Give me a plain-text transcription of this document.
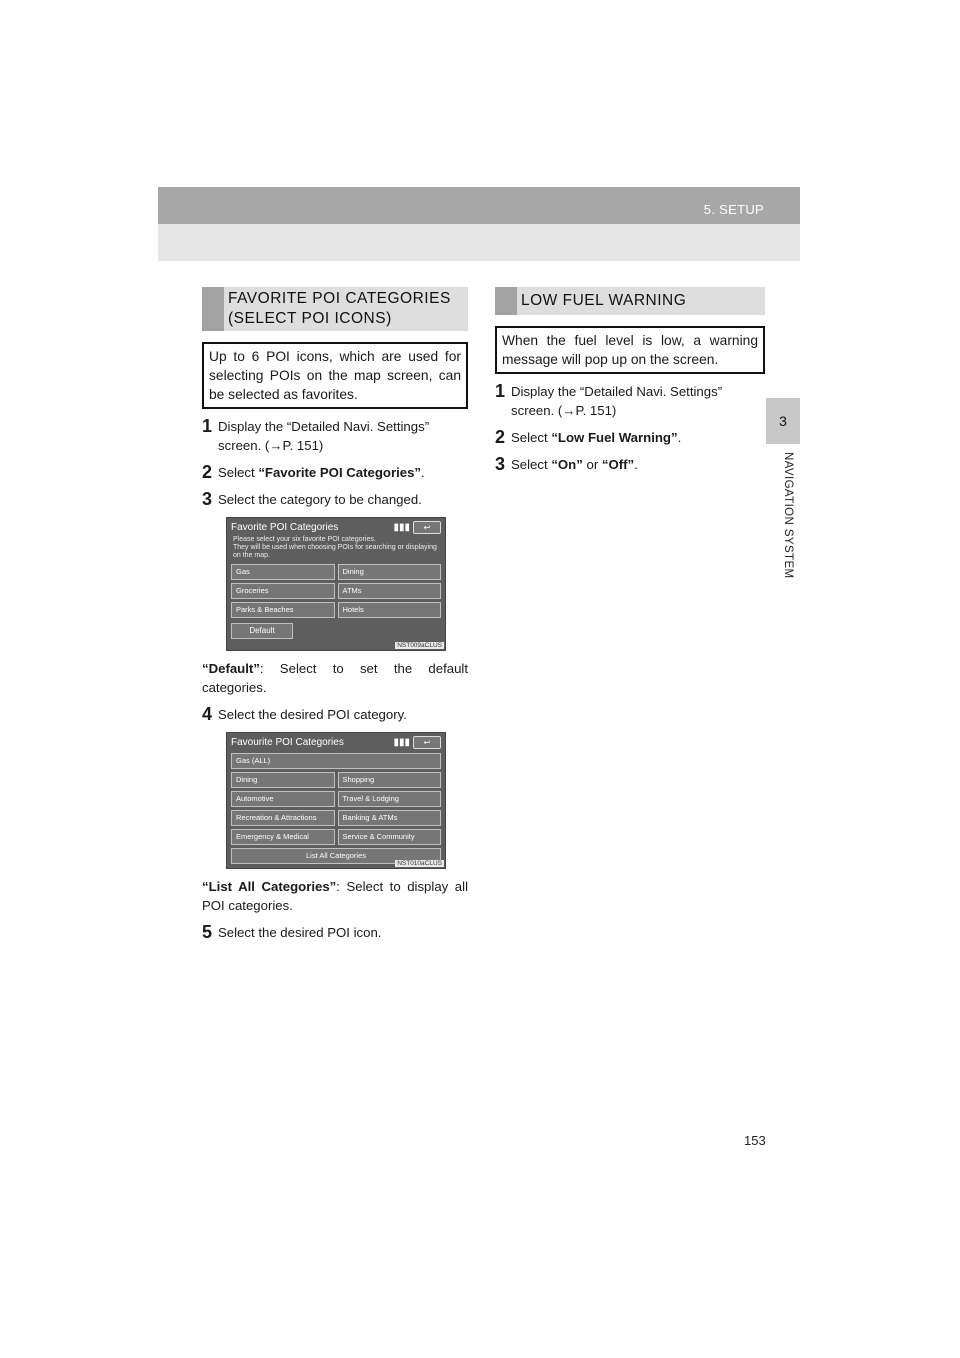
5. SETUP
3
NAVIGATION SYSTEM
FAVORITE POI CATEGORIES
(SELECT POI ICONS)
Up to 6 POI icons, which are used for selecting POIs on the map screen, can be selected as favorites.
1 Display the “Detailed Navi. Settings” screen. (→P. 151)
2 Select “Favorite POI Categories”.
3 Select the category to be changed.
Favorite POI Categories	▮▮▮	↩
Please select your six favorite POI categories.
They will be used when choosing POIs for searching or displaying on the map.
Gas	Dining
Groceries	ATMs
Parks & Beaches	Hotels
Default
NST009aCLUS
“Default”: Select to set the default categories.
4 Select the desired POI category.
Favourite POI Categories	▮▮▮	↩
Gas (ALL)
Dining	Shopping
Automotive	Travel & Lodging
Recreation & Attractions	Banking & ATMs
Emergency & Medical	Service & Community
List All Categories
NST010aCLUS
“List All Categories”: Select to display all POI categories.
5 Select the desired POI icon.
LOW FUEL WARNING
When the fuel level is low, a warning message will pop up on the screen.
1 Display the “Detailed Navi. Settings” screen. (→P. 151)
2 Select “Low Fuel Warning”.
3 Select “On” or “Off”.
153
